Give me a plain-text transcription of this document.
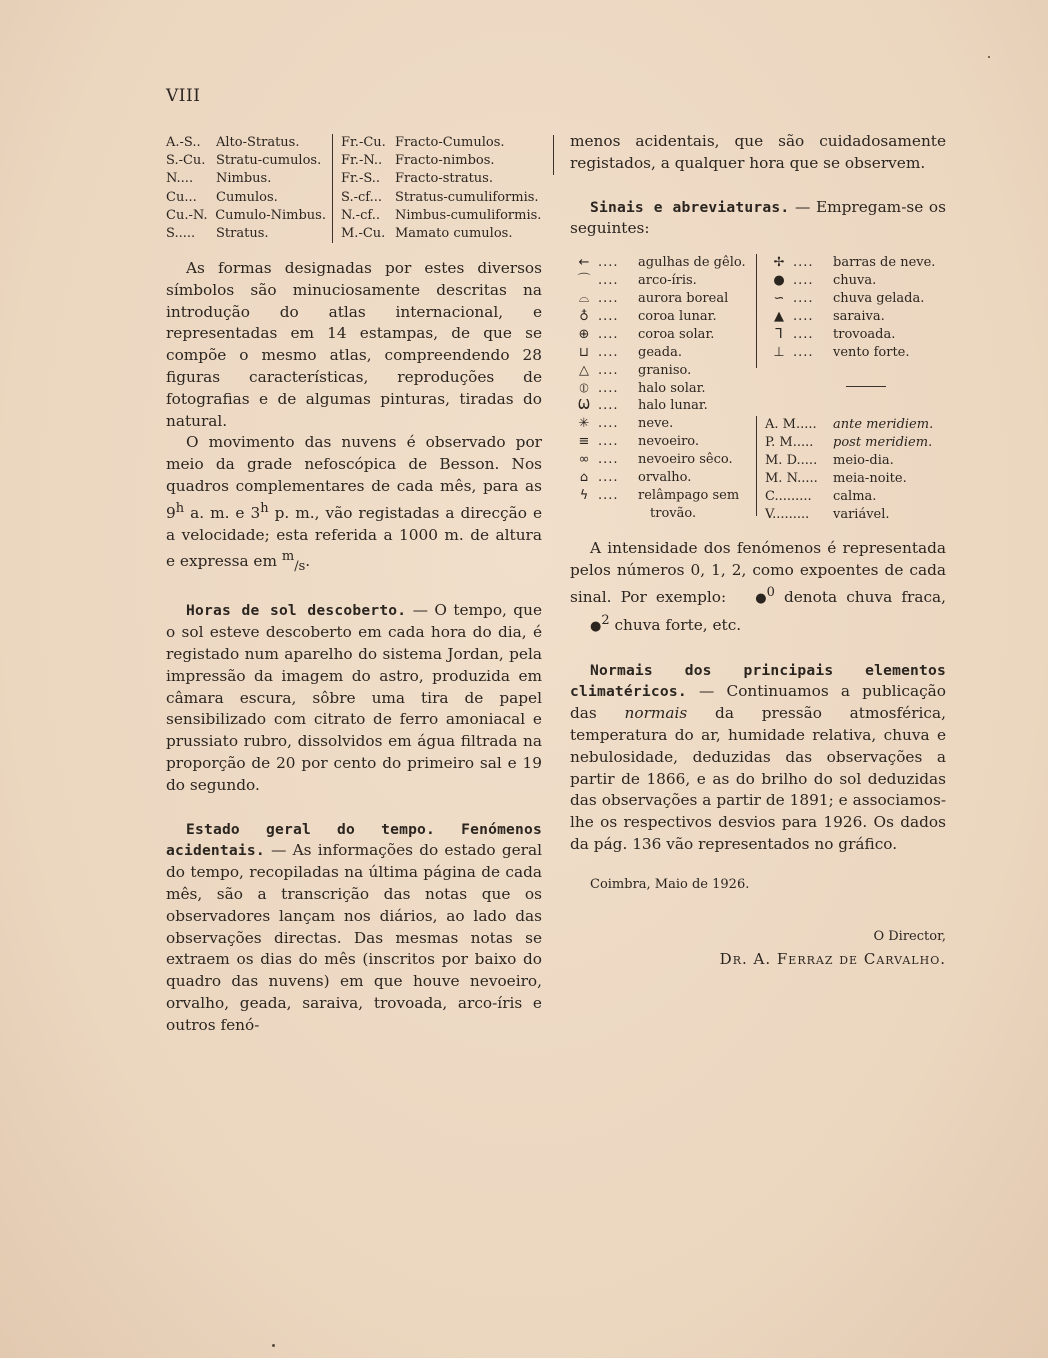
VIII
A.-S..	Alto-Stratus.
S.-Cu. Stratu-cumulos.
N....	Nimbus.
Cu...	Cumulos.
Cu.-N. Cumulo-Nimbus.
S.....	Stratus.
Fr.-Cu. Fracto-Cumulos.
Fr.-N.. Fracto-nimbos.
Fr.-S..	Fracto-stratus.
S.-cf...	Stratus-cumuliformis.
N.-cf..	Nimbus-cumuliformis.
M.-Cu. Mamato cumulos.

As formas designadas por estes diversos símbolos são minuciosamente descritas na introdução do atlas internacional, e representadas em 14 estampas, de que se compõe o mesmo atlas, compreendendo 28 figuras características, reproduções de fotografias e de algumas pinturas, tiradas do natural.

O movimento das nuvens é observado por meio da grade nefoscópica de Besson. Nos quadros complementares de cada mês, para as 9$^h$ a. m. e 3$^h$ p. m., vão registadas a direcção e a velocidade; esta referida a 1000 m. de altura e expressa em $^m_{/s}$.

Horas de sol descoberto. — O tempo, que o sol esteve descoberto em cada hora do dia, é registado num aparelho do sistema Jordan, pela impressão da imagem do astro, produzida em câmara escura, sôbre uma tira de papel sensibilizado com citrato de ferro amoniacal e prussiato rubro, dissolvidos em água filtrada na proporção de 20 por cento do primeiro sal e 19 do segundo.

Estado geral do tempo. Fenómenos acidentais. — As informações do estado geral do tempo, recopiladas na última página de cada mês, são a transcrição das notas que os observadores lançam nos diários, ao lado das observações directas. Das mesmas notas se extraem os dias do mês (inscritos por baixo do quadro das nuvens) em que houve nevoeiro, orvalho, geada, saraiva, trovoada, arco-íris e outros fenó-

menos acidentais, que são cuidadosamente registados, a qualquer hora que se observem.

Sinais e abreviaturas. — Empregam-se os seguintes:

← ....	agulhas de gêlo.
⌒ ....	arco-íris.
⌓ ....	aurora boreal
♁ ....	coroa lunar.
⊕ ....	coroa solar.
⊔ ....	geada.
△ ....	graniso.
⦶ ....	halo solar.
Ѡ ....	halo lunar.
✳ ....	neve.
≡ ....	nevoeiro.
∞ ....	nevoeiro sêco.
⌂ ....	orvalho.
ϟ ....	relâmpago sem
trovão.
✢ ....	barras de neve.
● ....	chuva.
∽ ....	chuva gelada.
▲ ....	saraiva.
Ꞁ ....	trovoada.
⊥ ....	vento forte.
A. M.....	ante meridiem.
P. M.....	post meridiem.
M. D.....	meio-dia.
M. N.....	meia-noite.
C.........	calma.
V.........	variável.

A intensidade dos fenómenos é representada pelos números 0, 1, 2, como expoentes de cada sinal. Por exemplo: ●$^0$ denota chuva fraca, ●$^2$ chuva forte, etc.

Normais dos principais elementos climatéricos. — Continuamos a publicação das normais da pressão atmosférica, temperatura do ar, humidade relativa, chuva e nebulosidade, deduzidas das observações a partir de 1866, e as do brilho do sol deduzidas das observações a partir de 1891; e associamos-lhe os respectivos desvios para 1926. Os dados da pág. 136 vão representados no gráfico.

Coimbra, Maio de 1926.

O Director,

Dr. A. Ferraz de Carvalho.
